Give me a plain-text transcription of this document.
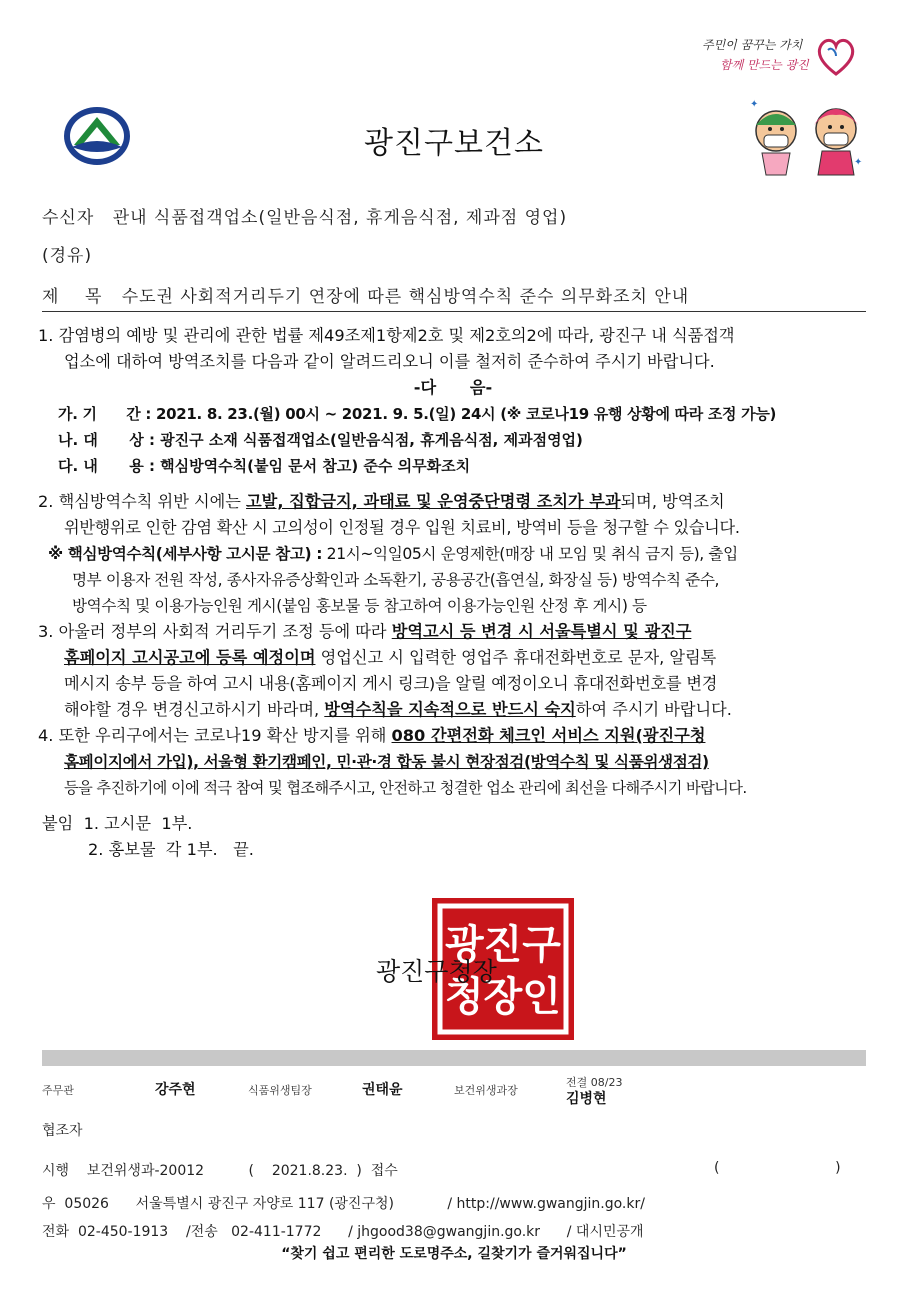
주민이 꿈꾸는 가치
함께 만드는 광진
광진구보건소
✦
✦
수신자 관내 식품접객업소(일반음식점, 휴게음식점, 제과점 영업)
(경유)
제    목 수도권 사회적거리두기 연장에 따른 핵심방역수칙 준수 의무화조치 안내

1. 감염병의 예방 및 관리에 관한 법률 제49조제1항제2호 및 제2호의2에 따라, 광진구 내 식품접객

업소에 대하여 방역조치를 다음과 같이 알려드리오니 이를 철저히 준수하여 주시기 바랍니다.

-다      음-

가. 기      간 : 2021. 8. 23.(월) 00시 ~ 2021. 9. 5.(일) 24시 (※ 코로나19 유행 상황에 따라 조정 가능)

나. 대      상 : 광진구 소재 식품접객업소(일반음식점, 휴게음식점, 제과점영업)

다. 내      용 : 핵심방역수칙(붙임 문서 참고) 준수 의무화조치

2. 핵심방역수칙 위반 시에는 고발, 집합금지, 과태료 및 운영중단명령 조치가 부과되며, 방역조치

위반행위로 인한 감염 확산 시 고의성이 인정될 경우 입원 치료비, 방역비 등을 청구할 수 있습니다.

※ 핵심방역수칙(세부사항 고시문 참고) : 21시~익일05시 운영제한(매장 내 모임 및 취식 금지 등), 출입

명부 이용자 전원 작성, 종사자유증상확인과 소독환기, 공용공간(흡연실, 화장실 등) 방역수칙 준수,

방역수칙 및 이용가능인원 게시(붙임 홍보물 등 참고하여 이용가능인원 산정 후 게시) 등

3. 아울러 정부의 사회적 거리두기 조정 등에 따라 방역고시 등 변경 시 서울특별시 및 광진구

홈페이지 고시공고에 등록 예정이며 영업신고 시 입력한 영업주 휴대전화번호로 문자, 알림톡

메시지 송부 등을 하여 고시 내용(홈페이지 게시 링크)을 알릴 예정이오니 휴대전화번호를 변경

해야할 경우 변경신고하시기 바라며, 방역수칙을 지속적으로 반드시 숙지하여 주시기 바랍니다.

4. 또한 우리구에서는 코로나19 확산 방지를 위해 080 간편전화 체크인 서비스 지원(광진구청

홈페이지에서 가입), 서울형 환기캠페인, 민·관·경 합동 불시 현장점검(방역수칙 및 식품위생점검)

등을 추진하기에 이에 적극 참여 및 협조해주시고, 안전하고 청결한 업소 관리에 최선을 다해주시기 바랍니다.

붙임  1. 고시문  1부.

2. 홍보물  각 1부.   끝.

광진구
청장인
광진구청장
주무관	강주현	식품위생팀장	권태윤	보건위생과장
전결 08/23
김병현
협조자
시행    보건위생과-20012          (    2021.8.23.  )  접수	(                          )
우  05026      서울특별시 광진구 자양로 117 (광진구청)            / http://www.gwangjin.go.kr/
전화  02-450-1913    /전송   02-411-1772      / jhgood38@gwangjin.go.kr      / 대시민공개
“찾기 쉽고 편리한 도로명주소, 길찾기가 즐거워집니다”
